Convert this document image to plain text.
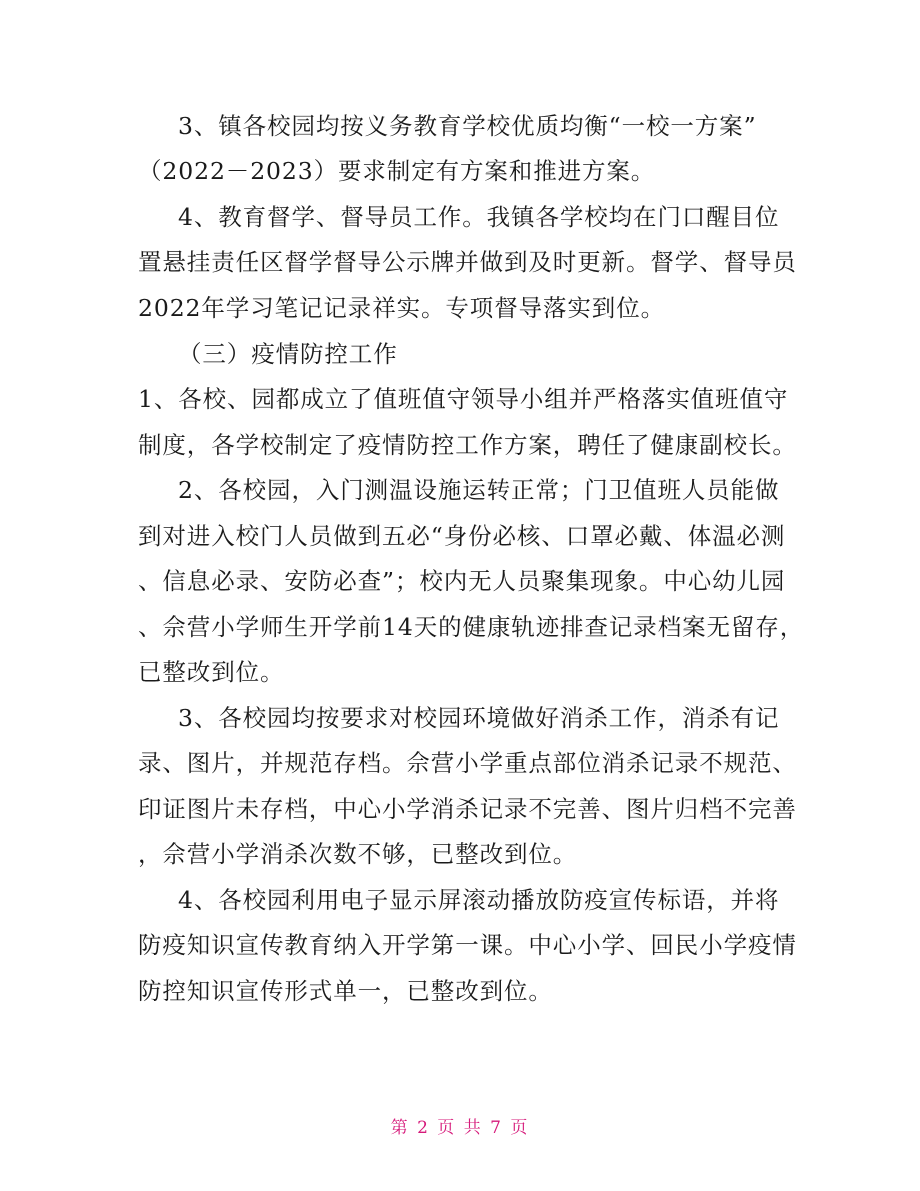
3、镇各校园均按义务教育学校优质均衡“一校一方案”
（2022－2023）要求制定有方案和推进方案。
4、教育督学、督导员工作。我镇各学校均在门口醒目位
置悬挂责任区督学督导公示牌并做到及时更新。督学、督导员
2022年学习笔记记录祥实。专项督导落实到位。
（三）疫情防控工作
1、各校、园都成立了值班值守领导小组并严格落实值班值守
制度，各学校制定了疫情防控工作方案，聘任了健康副校长。
2、各校园，入门测温设施运转正常；门卫值班人员能做
到对进入校门人员做到五必“身份必核、口罩必戴、体温必测
、信息必录、安防必查”；校内无人员聚集现象。中心幼儿园
、佘营小学师生开学前14天的健康轨迹排查记录档案无留存，
已整改到位。
3、各校园均按要求对校园环境做好消杀工作，消杀有记
录、图片，并规范存档。佘营小学重点部位消杀记录不规范、
印证图片未存档，中心小学消杀记录不完善、图片归档不完善
，佘营小学消杀次数不够，已整改到位。
4、各校园利用电子显示屏滚动播放防疫宣传标语，并将
防疫知识宣传教育纳入开学第一课。中心小学、回民小学疫情
防控知识宣传形式单一，已整改到位。
第 2 页 共 7 页
